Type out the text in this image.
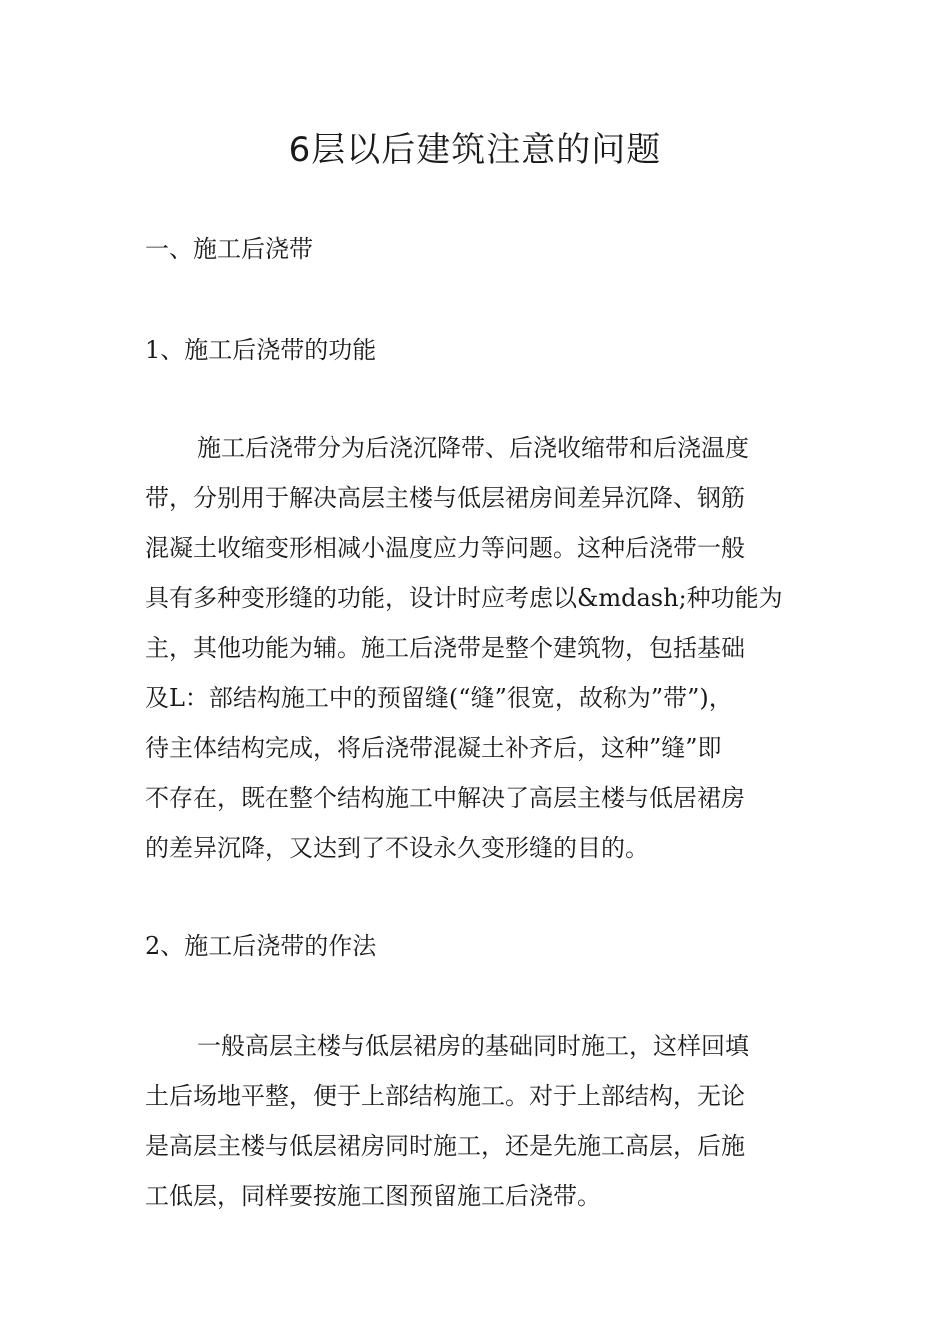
6层以后建筑注意的问题
一、施工后浇带
1、施工后浇带的功能
施工后浇带分为后浇沉降带、后浇收缩带和后浇温度
带，分别用于解决高层主楼与低层裙房间差异沉降、钢筋
混凝土收缩变形相减小温度应力等问题。这种后浇带一般
具有多种变形缝的功能，设计时应考虑以&mdash;种功能为
主，其他功能为辅。施工后浇带是整个建筑物，包括基础
及L：部结构施工中的预留缝(“缝”很宽，故称为”带”)，
待主体结构完成，将后浇带混凝土补齐后，这种”缝”即
不存在，既在整个结构施工中解决了高层主楼与低居裙房
的差异沉降，又达到了不设永久变形缝的目的。
2、施工后浇带的作法
一般高层主楼与低层裙房的基础同时施工，这样回填
土后场地平整，便于上部结构施工。对于上部结构，无论
是高层主楼与低层裙房同时施工，还是先施工高层，后施
工低层，同样要按施工图预留施工后浇带。
